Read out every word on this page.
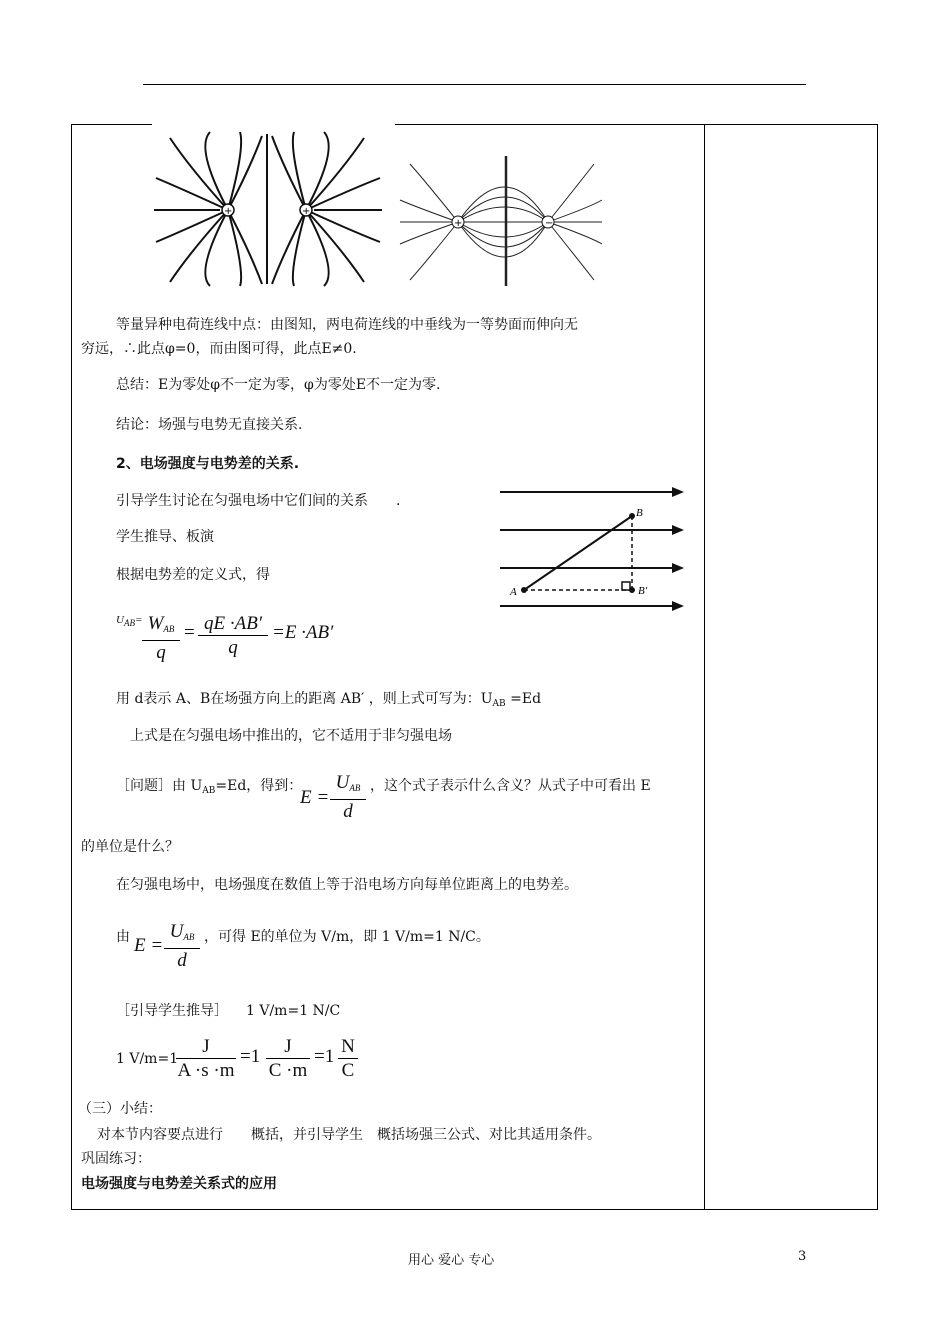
+	+
+	−
等量异种电荷连线中点：由图知，两电荷连线的中垂线为一等势面而伸向无
穷远，∴此点φ=0，而由图可得，此点E≠0.
总结：E为零处φ不一定为零，φ为零处E不一定为零.
结论：场强与电势无直接关系.
2、电场强度与电势差的关系.
引导学生讨论在匀强电场中它们间的关系　　.
学生推导、板演
根据电势差的定义式，得
A
B
B′
$U_{AB}= W_{AB}$
q
= $\frac{qE \cdot AB'}{q} =E \cdot AB'$
用 d表示 A、B在场强方向上的距离 AB′ ，则上式可写为：$U_{AB} =Ed$
上式是在匀强电场中推出的，它不适用于非匀强电场
［问题］由 $U_{AB}=Ed$，得到：
E =
$U_{AB}$
d
，这个式子表示什么含义？从式子中可看出 E
的单位是什么？
在匀强电场中，电场强度在数值上等于沿电场方向每单位距离上的电势差。
由 E =
$U_{AB}$
d
，可得 E的单位为 V/m，即 1 V/m=1 N/C。
［引导学生推导］ 1 V/m=1 N/C
1 V/m=1
$\frac{J}{A \cdot s \cdot m} =1 \frac{J}{C \cdot m} =1 \frac{N}{C}$
（三）小结：
对本节内容要点进行　　概括，并引导学生　概括场强三公式、对比其适用条件。
巩固练习：
电场强度与电势差关系式的应用
用心 爱心 专心	3
